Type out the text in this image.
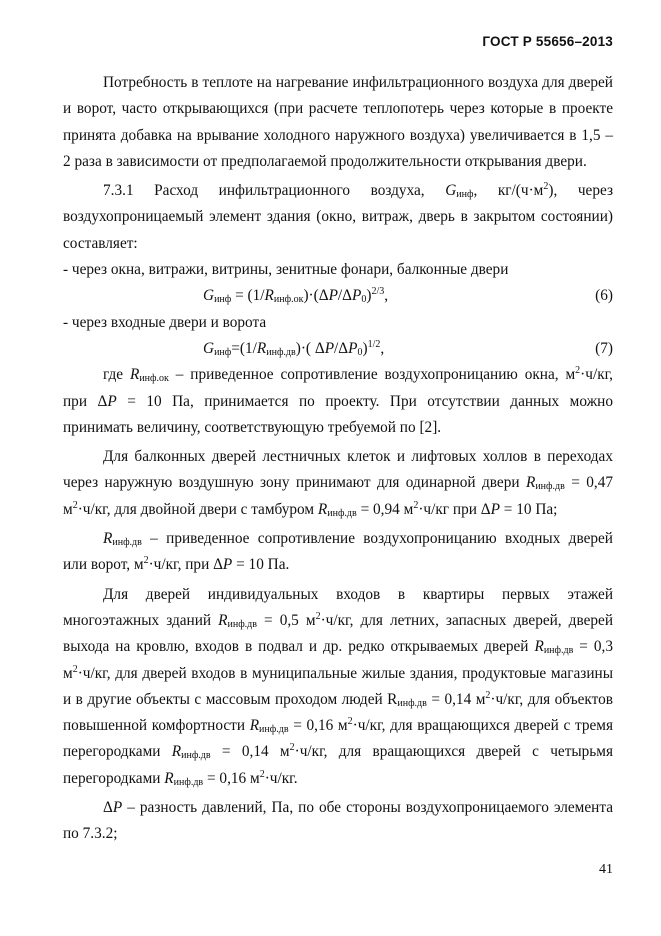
ГОСТ Р 55656–2013

Потребность в теплоте на нагревание инфильтрационного воздуха для дверей и ворот, часто открывающихся (при расчете теплопотерь через которые в проекте принята добавка на врывание холодного наружного воздуха) увеличивается в 1,5 – 2 раза в зависимости от предполагаемой продолжительности открывания двери.

7.3.1 Расход инфильтрационного воздуха, $G_{инф}$, $кг/(ч\cdot м^2)$, через воздухопроницаемый элемент здания (окно, витраж, дверь в закрытом состоянии) составляет:

- через окна, витражи, витрины, зенитные фонари, балконные двери

$G_{инф} = (1/R_{инф.ок})\cdot(\Delta P/\Delta P_0)^{2/3}$,	(6)

- через входные двери и ворота

$G_{инф}=(1/R_{инф.дв})\cdot$( $\Delta P/\Delta P_0)^{1/2}$,	(7)

где $R_{инф.ок}$ – приведенное сопротивление воздухопроницанию окна, $м^2\cdot ч/кг$, при ΔP = 10 Па, принимается по проекту. При отсутствии данных можно принимать величину, соответствующую требуемой по [2].

Для балконных дверей лестничных клеток и лифтовых холлов в переходах через наружную воздушную зону принимают для одинарной двери $R_{инф.дв} = 0,47$ $м^2\cdot ч/кг$, для двойной двери с тамбуром $R_{инф.дв} = 0,94$ $м^2\cdot ч/кг$ при ΔP = 10 Па;

$R_{инф.дв}$ – приведенное сопротивление воздухопроницанию входных дверей или ворот, $м^2\cdot ч/кг$, при ΔP = 10 Па.

Для дверей индивидуальных входов в квартиры первых этажей многоэтажных зданий $R_{инф.дв} = 0,5$ $м^2\cdot ч/кг$, для летних, запасных дверей, дверей выхода на кровлю, входов в подвал и др. редко открываемых дверей $R_{инф.дв} = 0,3$ $м^2\cdot ч/кг$, для дверей входов в муниципальные жилые здания, продуктовые магазины и в другие объекты с массовым проходом людей $R_{инф.дв} = 0,14$ $м^2\cdot ч/кг$, для объектов повышенной комфортности $R_{инф.дв} = 0,16$ $м^2\cdot ч/кг$, для вращающихся дверей с тремя перегородками $R_{инф.дв} = 0,14$ $м^2\cdot ч/кг$, для вращающихся дверей с четырьмя перегородками $R_{инф.дв} = 0,16$ $м^2\cdot ч/кг$.

ΔP – разность давлений, Па, по обе стороны воздухопроницаемого элемента по 7.3.2;

41
